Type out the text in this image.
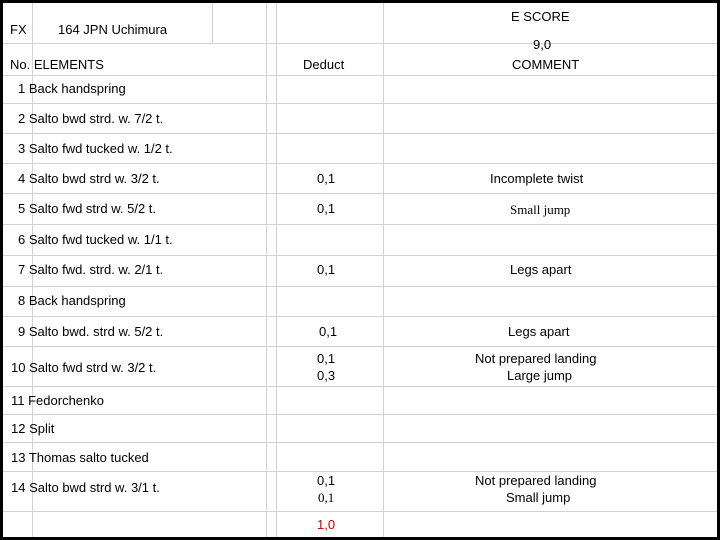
FX 164 JPN Uchimura
E SCORE
9,0
No. ELEMENTS	Deduct	COMMENT
1 Back handspring
2 Salto bwd strd. w. 7/2 t.
3 Salto fwd tucked w. 1/2 t.
4 Salto bwd strd w. 3/2 t.
5 Salto fwd strd w. 5/2 t.
6 Salto fwd tucked w. 1/1 t.
7 Salto fwd. strd. w. 2/1 t.
8 Back handspring
9 Salto bwd. strd w. 5/2 t.
10 Salto fwd strd w. 3/2 t.
11 Fedorchenko
12 Split
13 Thomas salto tucked
14 Salto bwd strd w. 3/1 t.
0,1
0,1
0,1
0,1
0,1
0,3
0,1
0,1
Incomplete twist
Small jump
Legs apart
Legs apart
Not prepared landing
Large jump
Not prepared landing
Small jump
1,0
